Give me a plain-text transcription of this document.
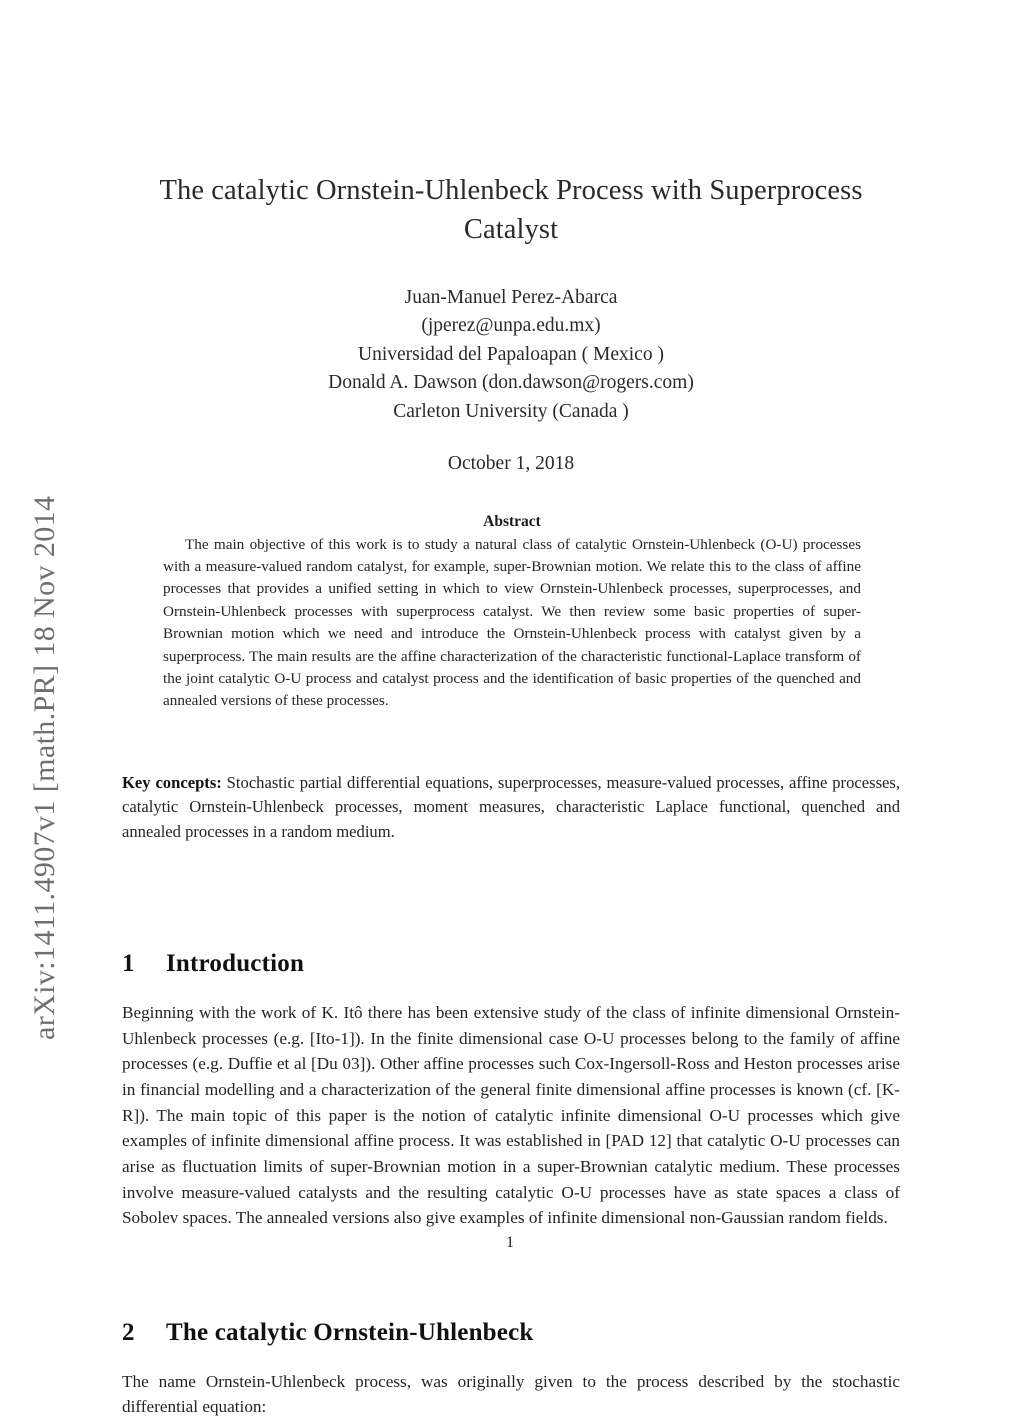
arXiv:1411.4907v1 [math.PR] 18 Nov 2014
The catalytic Ornstein-Uhlenbeck Process with Superprocess Catalyst
Juan-Manuel Perez-Abarca
(jperez@unpa.edu.mx)
Universidad del Papaloapan ( Mexico )
Donald A. Dawson (don.dawson@rogers.com)
Carleton University (Canada )
October 1, 2018
Abstract

The main objective of this work is to study a natural class of catalytic Ornstein-Uhlenbeck (O-U) processes with a measure-valued random catalyst, for example, super-Brownian motion. We relate this to the class of affine processes that provides a unified setting in which to view Ornstein-Uhlenbeck processes, superprocesses, and Ornstein-Uhlenbeck processes with superprocess catalyst. We then review some basic properties of super-Brownian motion which we need and introduce the Ornstein-Uhlenbeck process with catalyst given by a superprocess. The main results are the affine characterization of the characteristic functional-Laplace transform of the joint catalytic O-U process and catalyst process and the identification of basic properties of the quenched and annealed versions of these processes.

Key concepts: Stochastic partial differential equations, superprocesses, measure-valued processes, affine processes, catalytic Ornstein-Uhlenbeck processes, moment measures, characteristic Laplace functional, quenched and annealed processes in a random medium.

1 Introduction

Beginning with the work of K. Itô there has been extensive study of the class of infinite dimensional Ornstein-Uhlenbeck processes (e.g. [Ito-1]). In the finite dimensional case O-U processes belong to the family of affine processes (e.g. Duffie et al [Du 03]). Other affine processes such Cox-Ingersoll-Ross and Heston processes arise in financial modelling and a characterization of the general finite dimensional affine processes is known (cf. [K-R]). The main topic of this paper is the notion of catalytic infinite dimensional O-U processes which give examples of infinite dimensional affine process. It was established in [PAD 12] that catalytic O-U processes can arise as fluctuation limits of super-Brownian motion in a super-Brownian catalytic medium. These processes involve measure-valued catalysts and the resulting catalytic O-U processes have as state spaces a class of Sobolev spaces. The annealed versions also give examples of infinite dimensional non-Gaussian random fields.

2 The catalytic Ornstein-Uhlenbeck

The name Ornstein-Uhlenbeck process, was originally given to the process described by the stochastic differential equation:

1
